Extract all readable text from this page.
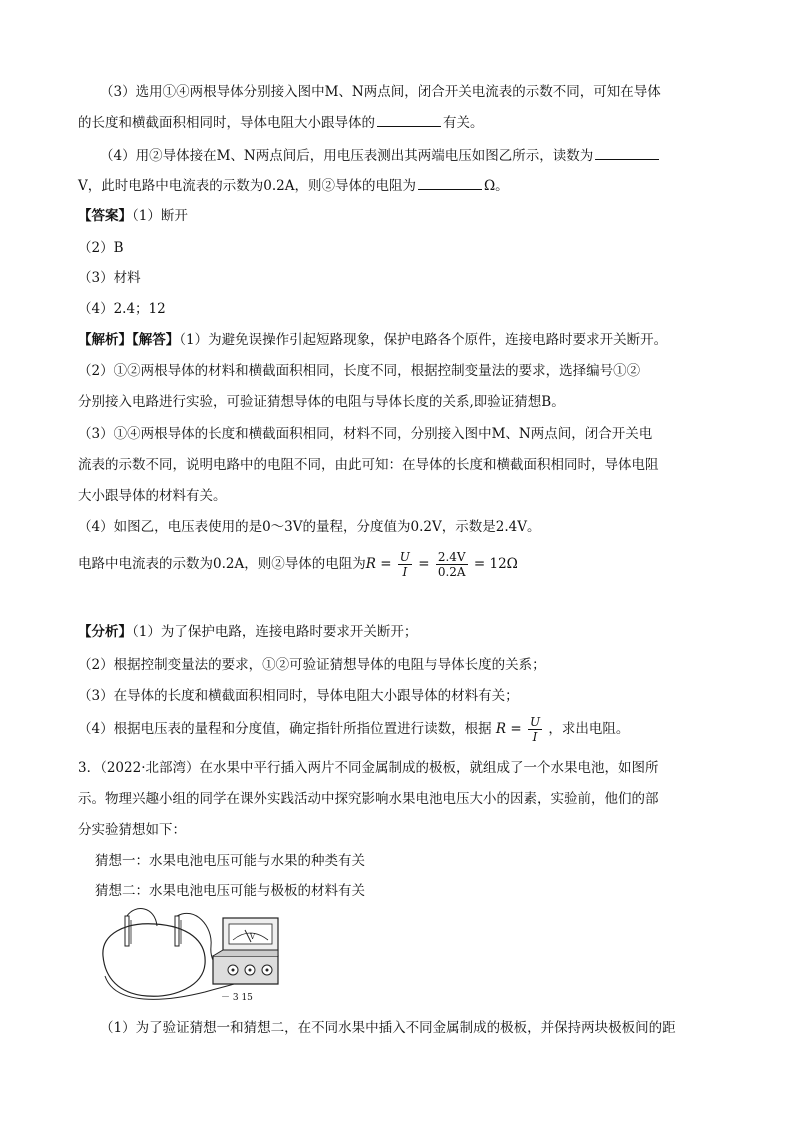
（3）选用①④两根导体分别接入图中M、N两点间，闭合开关电流表的示数不同，可知在导体
的长度和横截面积相同时，导体电阻大小跟导体的	有关。
（4）用②导体接在M、N两点间后，用电压表测出其两端电压如图乙所示，读数为
V，此时电路中电流表的示数为0.2A，则②导体的电阻为	Ω。
【答案】（1）断开
（2）B
（3）材料
（4）2.4；12
【解析】【解答】（1）为避免误操作引起短路现象，保护电路各个原件，连接电路时要求开关断开。
（2）①②两根导体的材料和横截面积相同，长度不同，根据控制变量法的要求，选择编号①②
分别接入电路进行实验，可验证猜想导体的电阻与导体长度的关系,即验证猜想B。
（3）①④两根导体的长度和横截面积相同，材料不同，分别接入图中M、N两点间，闭合开关电
流表的示数不同，说明电路中的电阻不同，由此可知：在导体的长度和横截面积相同时，导体电阻
大小跟导体的材料有关。
（4）如图乙，电压表使用的是0～3V的量程，分度值为0.2V，示数是2.4V。
电路中电流表的示数为0.2A，则②导体的电阻为$R = \frac{U}{I} = \frac{2.4V}{0.2A} = 12\Omega$
【分析】（1）为了保护电路，连接电路时要求开关断开；
（2）根据控制变量法的要求，①②可验证猜想导体的电阻与导体长度的关系；
（3）在导体的长度和横截面积相同时，导体电阻大小跟导体的材料有关；
（4）根据电压表的量程和分度值，确定指针所指位置进行读数，根据 $R = \frac{U}{I}$ ，求出电阻。
3．（2022·北部湾）在水果中平行插入两片不同金属制成的极板，就组成了一个水果电池，如图所
示。物理兴趣小组的同学在课外实践活动中探究影响水果电池电压大小的因素，实验前，他们的部
分实验猜想如下：
猜想一：水果电池电压可能与水果的种类有关
猜想二：水果电池电压可能与极板的材料有关
V
－ 3 15
（1）为了验证猜想一和猜想二，在不同水果中插入不同金属制成的极板，并保持两块极板间的距
